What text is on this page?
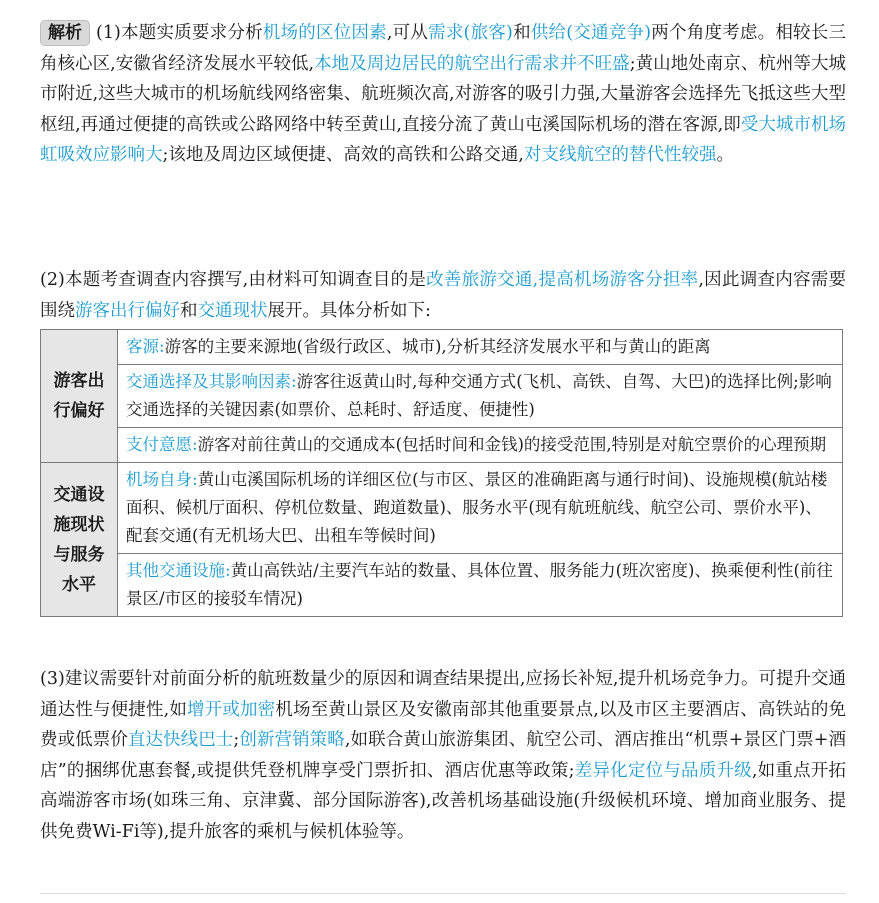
解析 (1)本题实质要求分析机场的区位因素,可从需求(旅客)和供给(交通竞争)两个角度考虑。相较长三角核心区,安徽省经济发展水平较低,本地及周边居民的航空出行需求并不旺盛;黄山地处南京、杭州等大城市附近,这些大城市的机场航线网络密集、航班频次高,对游客的吸引力强,大量游客会选择先飞抵这些大型枢纽,再通过便捷的高铁或公路网络中转至黄山,直接分流了黄山屯溪国际机场的潜在客源,即受大城市机场虹吸效应影响大;该地及周边区域便捷、高效的高铁和公路交通,对支线航空的替代性较强。

(2)本题考查调查内容撰写,由材料可知调查目的是改善旅游交通,提高机场游客分担率,因此调查内容需要围绕游客出行偏好和交通现状展开。具体分析如下:

游客出行偏好	客源:游客的主要来源地(省级行政区、城市),分析其经济发展水平和与黄山的距离
	交通选择及其影响因素:游客往返黄山时,每种交通方式(飞机、高铁、自驾、大巴)的选择比例;影响交通选择的关键因素(如票价、总耗时、舒适度、便捷性)
	支付意愿:游客对前往黄山的交通成本(包括时间和金钱)的接受范围,特别是对航空票价的心理预期
交通设施现状与服务水平	机场自身:黄山屯溪国际机场的详细区位(与市区、景区的准确距离与通行时间)、设施规模(航站楼面积、候机厅面积、停机位数量、跑道数量)、服务水平(现有航班航线、航空公司、票价水平)、配套交通(有无机场大巴、出租车等候时间)
	其他交通设施:黄山高铁站/主要汽车站的数量、具体位置、服务能力(班次密度)、换乘便利性(前往景区/市区的接驳车情况)

(3)建议需要针对前面分析的航班数量少的原因和调查结果提出,应扬长补短,提升机场竞争力。可提升交通通达性与便捷性,如增开或加密机场至黄山景区及安徽南部其他重要景点,以及市区主要酒店、高铁站的免费或低票价直达快线巴士;创新营销策略,如联合黄山旅游集团、航空公司、酒店推出“机票+景区门票+酒店”的捆绑优惠套餐,或提供凭登机牌享受门票折扣、酒店优惠等政策;差异化定位与品质升级,如重点开拓高端游客市场(如珠三角、京津冀、部分国际游客),改善机场基础设施(升级候机环境、增加商业服务、提供免费Wi-Fi等),提升旅客的乘机与候机体验等。
